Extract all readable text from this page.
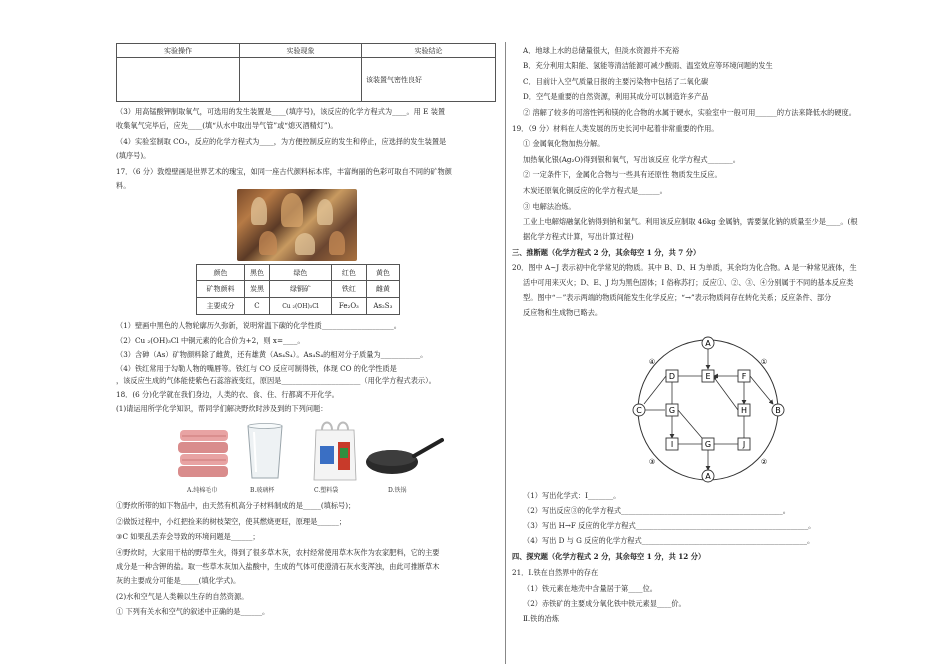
实验操作	实验现象	实验结论
		该装置气密性良好
（3）用高锰酸钾制取氧气，可选用的发生装置是____(填序号)，该反应的化学方程式为____。用 E 装置
收集氧气完毕后，应先____(填“从水中取出导气管”或“熄灭酒精灯”)。
（4）实验室制取 CO₂，反应的化学方程式为____，为方便控制反应的发生和停止，应选择的发生装置是
(填序号)。
17．（6 分）敦煌壁画是世界艺术的瑰宝，如同一座古代颜料标本库，丰富绚丽的色彩可取自不同的矿物颜
料。
颜色	黑色	绿色	红色	黄色
矿物颜料	炭黑	绿铜矿	铁红	雌黄
主要成分	C	Cu ₂(OH)₃Cl	Fe₂O₃	As₂S₃
（1）壁画中黑色的人物轮廓历久弥新，说明常温下碳的化学性质____________________。
（2）Cu ₂(OH)₃Cl 中铜元素的化合价为+2，则 x=____。
（3）含砷（As）矿物颜料除了雌黄，还有雄黄（As₄S₄）。As₄S₄的相对分子质量为___________。
（4）铁红常用于勾勒人物的嘴唇等。铁红与 CO 反应可制得铁，体现 CO 的化学性质是
，该反应生成的气体能使紫色石蕊溶液变红，原因是______________________（用化学方程式表示）。
18．(6 分)化学就在我们身边，人类的衣、食、住、行都离不开化学。
(1)请运用所学化学知识，帮同学们解决野炊时涉及到的下列问题：
A.纯棉毛巾	B.玻璃杯	C.塑料袋	D.铁锅
①野炊所带的如下物品中，由天然有机高分子材料制成的是_____(填标号)；
②做饭过程中，小红把捡来的树枝架空，使其燃烧更旺，原理是______；
③C 如果乱丢弃会导致的环境问题是______；
④野炊时，大家用干枯的野草生火，得到了很多草木灰，农村经常使用草木灰作为农家肥料，它的主要
成分是一种含钾的盐。取一些草木灰加入盐酸中，生成的气体可使澄清石灰水变浑浊，由此可推断草木
灰的主要成分可能是_____(填化学式)。
(2)水和空气是人类赖以生存的自然资源。
① 下列有关水和空气的叙述中正确的是______。
A．地球上水的总储量很大，但淡水资源并不充裕
B．充分利用太阳能、氢能等清洁能源可减少酸雨、温室效应等环境问题的发生
C．目前计入空气质量日报的主要污染物中包括了二氧化碳
D．空气是重要的自然资源，利用其成分可以制造许多产品
② 溶解了较多的可溶性钙和镁的化合物的水属于硬水，实验室中一般可用______的方法来降低水的硬度。
19．（9 分）材料在人类发展的历史长河中起着非常重要的作用。
① 金属氧化物加热分解。
加热氧化银(Ag₂O)得到银和氧气，写出该反应 化学方程式_______。
② 一定条件下，金属化合物与一些具有还原性 物质发生反应。
木炭还原氧化铜反应的化学方程式是______。
③ 电解法冶炼。
工业上电解熔融氯化钠得到钠和氯气。利用该反应制取 46kg 金属钠，需要氯化钠的质量至少是____。(根
据化学方程式计算，写出计算过程)
三、推断题（化学方程式 2 分，其余每空 1 分，共 7 分）
20．图中 A~J 表示初中化学常见的物质。其中 B、D、H 为单质，其余均为化合物。A 是一种常见液体，生
活中可用来灭火；D、E、J 均为黑色固体；I 俗称苏打；反应①、②、③、④分别属于不同的基本反应类
型。图中“－”表示两端的物质间能发生化学反应；“→”表示物质间存在转化关系；反应条件、部分
反应物和生成物已略去。
A
B
C
D	E	F
G	H
I	G	J
A
①
②
③
④
（1）写出化学式：I_______。
（2）写出反应③的化学方程式_____________________________________________。
（3）写出 H→F 反应的化学方程式________________________________________________。
（4）写出 D 与 G 反应的化学方程式______________________________________________。
四、探究题（化学方程式 2 分，其余每空 1 分，共 12 分）
21．Ⅰ.铁在自然界中的存在
（1）铁元素在地壳中含量居于第____位。
（2）赤铁矿的主要成分氧化铁中铁元素显____价。
Ⅱ.铁的冶炼
